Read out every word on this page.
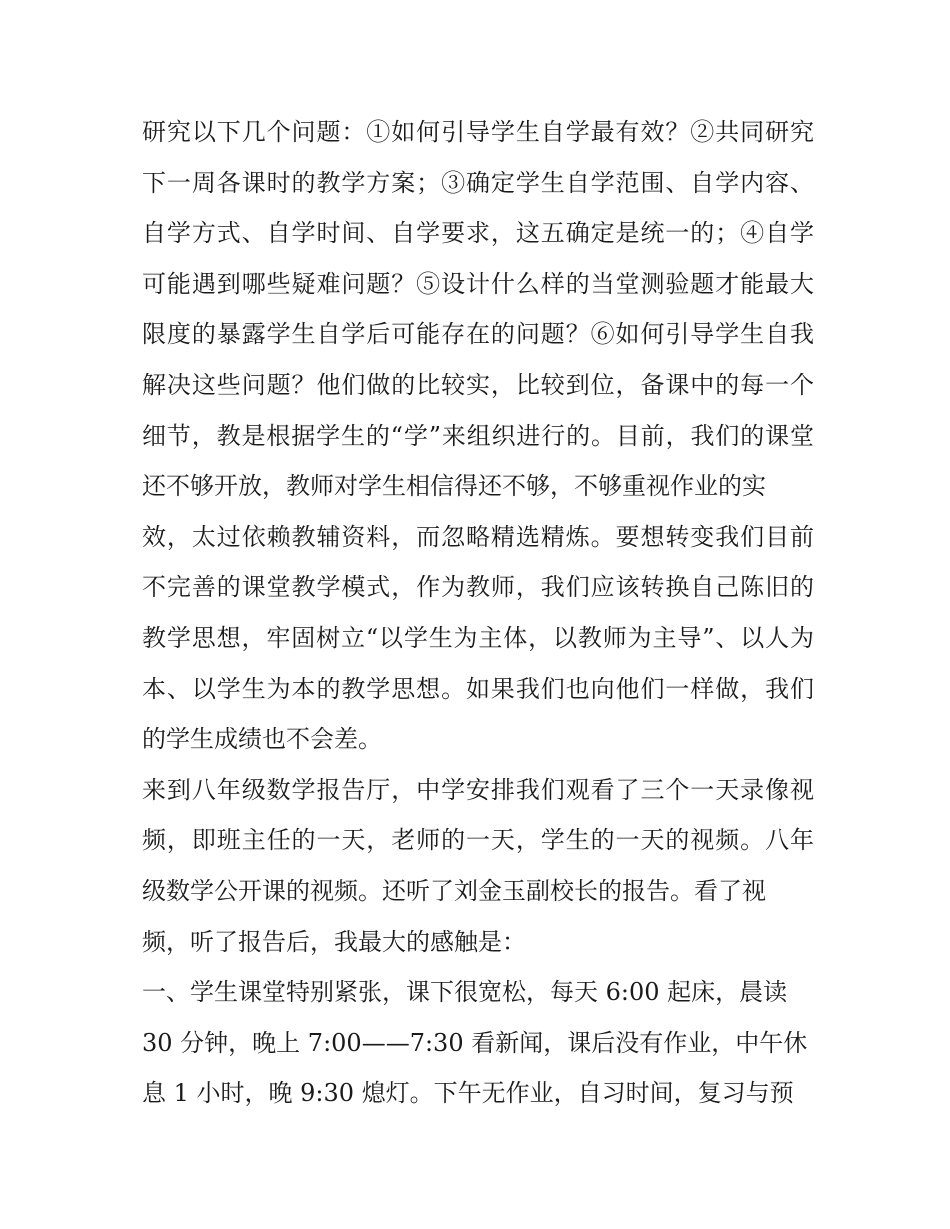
研究以下几个问题：①如何引导学生自学最有效？②共同研究
下一周各课时的教学方案；③确定学生自学范围、自学内容、
自学方式、自学时间、自学要求，这五确定是统一的；④自学
可能遇到哪些疑难问题？⑤设计什么样的当堂测验题才能最大
限度的暴露学生自学后可能存在的问题？⑥如何引导学生自我
解决这些问题？他们做的比较实，比较到位，备课中的每一个
细节，教是根据学生的“学”来组织进行的。目前，我们的课堂
还不够开放，教师对学生相信得还不够，不够重视作业的实
效，太过依赖教辅资料，而忽略精选精炼。要想转变我们目前
不完善的课堂教学模式，作为教师，我们应该转换自己陈旧的
教学思想，牢固树立“以学生为主体，以教师为主导”、以人为
本、以学生为本的教学思想。如果我们也向他们一样做，我们
的学生成绩也不会差。
来到八年级数学报告厅，中学安排我们观看了三个一天录像视
频，即班主任的一天，老师的一天，学生的一天的视频。八年
级数学公开课的视频。还听了刘金玉副校长的报告。看了视
频，听了报告后，我最大的感触是：
一、学生课堂特别紧张，课下很宽松，每天 6:00 起床，晨读
30 分钟，晚上 7:00——7:30 看新闻，课后没有作业，中午休
息 1 小时，晚 9:30 熄灯。下午无作业，自习时间，复习与预
